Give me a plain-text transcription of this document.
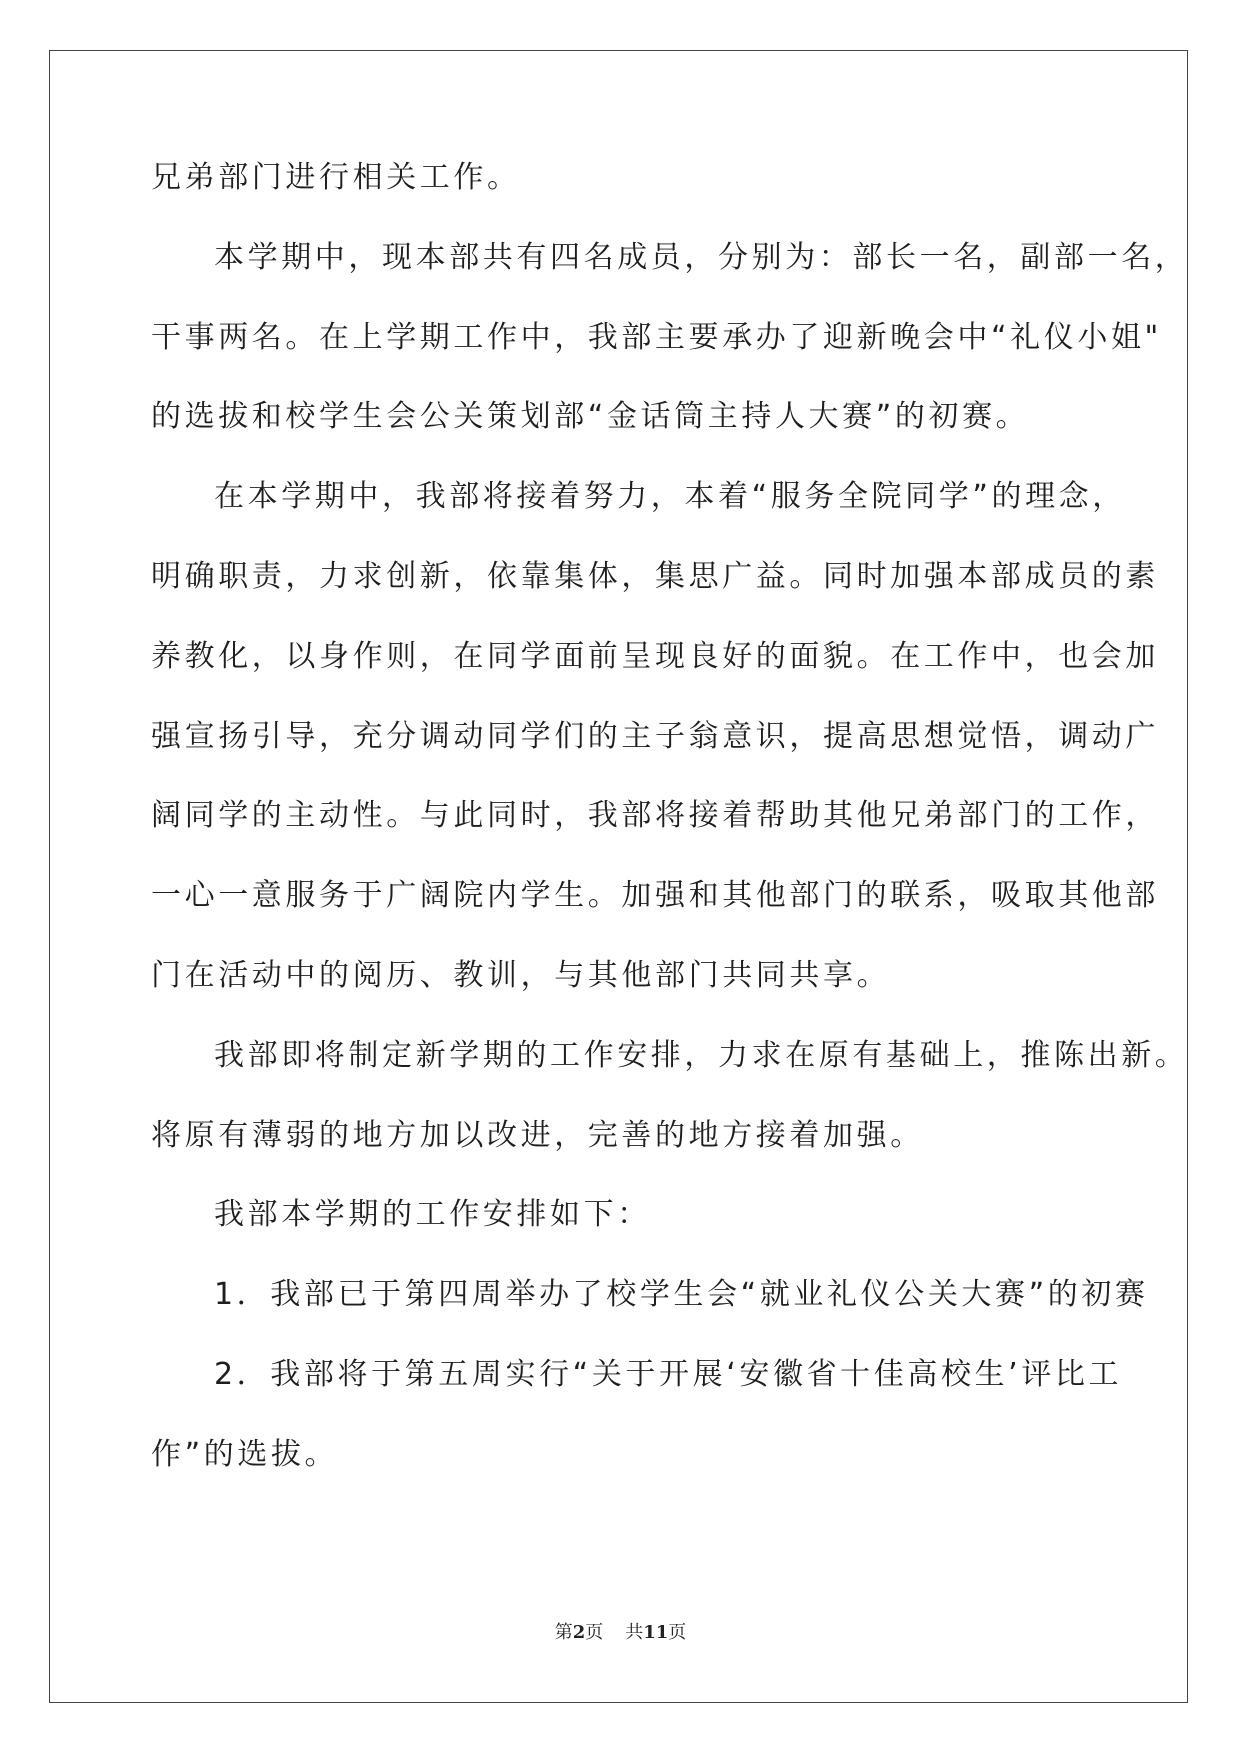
兄弟部门进行相关工作。
本学期中，现本部共有四名成员，分别为：部长一名，副部一名，
干事两名。在上学期工作中，我部主要承办了迎新晚会中“礼仪小姐"
的选拔和校学生会公关策划部“金话筒主持人大赛”的初赛。
在本学期中，我部将接着努力，本着“服务全院同学”的理念，
明确职责，力求创新，依靠集体，集思广益。同时加强本部成员的素
养教化，以身作则，在同学面前呈现良好的面貌。在工作中，也会加
强宣扬引导，充分调动同学们的主子翁意识，提高思想觉悟，调动广
阔同学的主动性。与此同时，我部将接着帮助其他兄弟部门的工作，
一心一意服务于广阔院内学生。加强和其他部门的联系，吸取其他部
门在活动中的阅历、教训，与其他部门共同共享。
我部即将制定新学期的工作安排，力求在原有基础上，推陈出新。
将原有薄弱的地方加以改进，完善的地方接着加强。
我部本学期的工作安排如下：
1．我部已于第四周举办了校学生会“就业礼仪公关大赛”的初赛
2．我部将于第五周实行“关于开展‘安徽省十佳高校生’评比工
作”的选拔。
第2页 共11页
